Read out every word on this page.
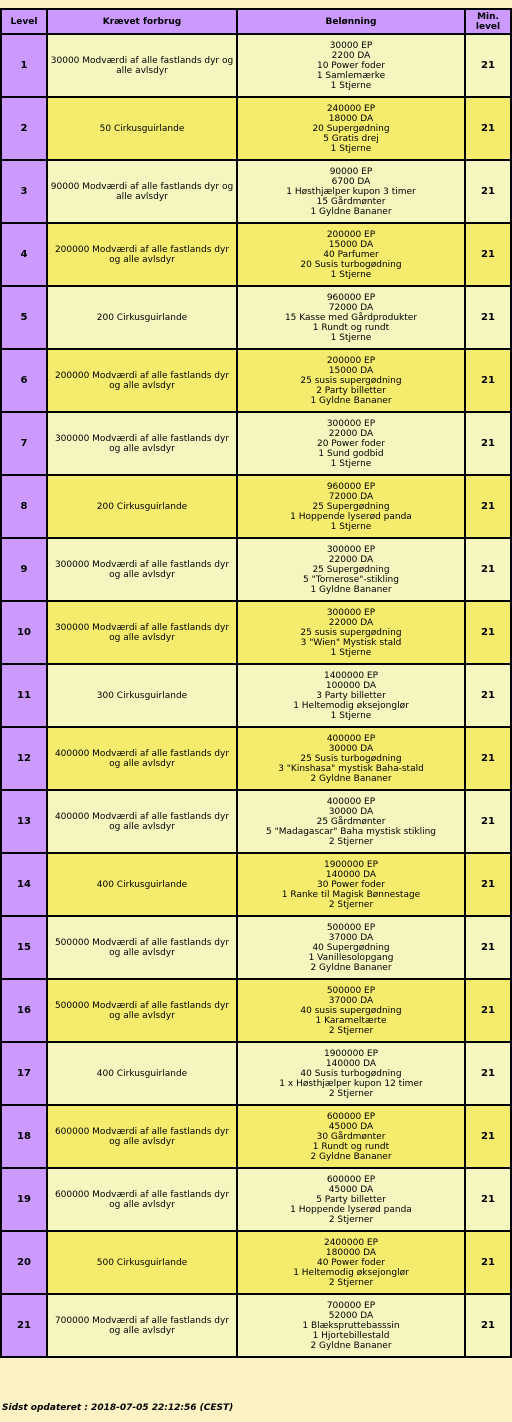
Level	Krævet forbrug	Belønning	Min. level
1	30000 Modværdi af alle fastlands dyr og alle avlsdyr	30000 EP
2200 DA
10 Power foder
1 Samlemærke
1 Stjerne	21
2	50 Cirkusguirlande	240000 EP
18000 DA
20 Supergødning
5 Gratis drej
1 Stjerne	21
3	90000 Modværdi af alle fastlands dyr og alle avlsdyr	90000 EP
6700 DA
1 Høsthjælper kupon 3 timer
15 Gårdmønter
1 Gyldne Bananer	21
4	200000 Modværdi af alle fastlands dyr og alle avlsdyr	200000 EP
15000 DA
40 Parfumer
20 Susis turbogødning
1 Stjerne	21
5	200 Cirkusguirlande	960000 EP
72000 DA
15 Kasse med Gårdprodukter
1 Rundt og rundt
1 Stjerne	21
6	200000 Modværdi af alle fastlands dyr og alle avlsdyr	200000 EP
15000 DA
25 susis supergødning
2 Party billetter
1 Gyldne Bananer	21
7	300000 Modværdi af alle fastlands dyr og alle avlsdyr	300000 EP
22000 DA
20 Power foder
1 Sund godbid
1 Stjerne	21
8	200 Cirkusguirlande	960000 EP
72000 DA
25 Supergødning
1 Hoppende lyserød panda
1 Stjerne	21
9	300000 Modværdi af alle fastlands dyr og alle avlsdyr	300000 EP
22000 DA
25 Supergødning
5 "Tornerose"-stikling
1 Gyldne Bananer	21
10	300000 Modværdi af alle fastlands dyr og alle avlsdyr	300000 EP
22000 DA
25 susis supergødning
3 "Wien" Mystisk stald
1 Stjerne	21
11	300 Cirkusguirlande	1400000 EP
100000 DA
3 Party billetter
1 Heltemodig øksejonglør
1 Stjerne	21
12	400000 Modværdi af alle fastlands dyr og alle avlsdyr	400000 EP
30000 DA
25 Susis turbogødning
3 "Kinshasa" mystisk Baha-stald
2 Gyldne Bananer	21
13	400000 Modværdi af alle fastlands dyr og alle avlsdyr	400000 EP
30000 DA
25 Gårdmønter
5 "Madagascar" Baha mystisk stikling
2 Stjerner	21
14	400 Cirkusguirlande	1900000 EP
140000 DA
30 Power foder
1 Ranke til Magisk Bønnestage
2 Stjerner	21
15	500000 Modværdi af alle fastlands dyr og alle avlsdyr	500000 EP
37000 DA
40 Supergødning
1 Vanillesolopgang
2 Gyldne Bananer	21
16	500000 Modværdi af alle fastlands dyr og alle avlsdyr	500000 EP
37000 DA
40 susis supergødning
1 Karameltærte
2 Stjerner	21
17	400 Cirkusguirlande	1900000 EP
140000 DA
40 Susis turbogødning
1 x Høsthjælper kupon 12 timer
2 Stjerner	21
18	600000 Modværdi af alle fastlands dyr og alle avlsdyr	600000 EP
45000 DA
30 Gårdmønter
1 Rundt og rundt
2 Gyldne Bananer	21
19	600000 Modværdi af alle fastlands dyr og alle avlsdyr	600000 EP
45000 DA
5 Party billetter
1 Hoppende lyserød panda
2 Stjerner	21
20	500 Cirkusguirlande	2400000 EP
180000 DA
40 Power foder
1 Heltemodig øksejonglør
2 Stjerner	21
21	700000 Modværdi af alle fastlands dyr og alle avlsdyr	700000 EP
52000 DA
1 Blækspruttebasssin
1 Hjortebillestald
2 Gyldne Bananer	21
Sidst opdateret : 2018-07-05 22:12:56 (CEST)
